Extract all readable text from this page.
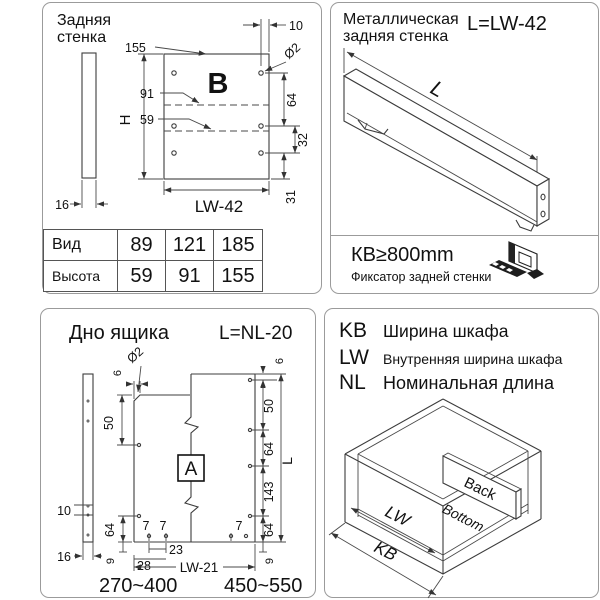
Задняя
стенка
16
B
155
10
Ø2
H
91
59
64
32
31
LW-42
Вид	89	121	185
Высота	59	91	155
Металлическая
задняя стенка
L=LW-42
L
КВ≥800mm
Фиксатор задней стенки
Дно ящика	L=NL-20
10
16
A
6
Ø2
50
64
9
7 7
23
28 LW-21
7 64
9
6
50
64
143
L
270~400 450~550
KB Ширина шкафа
LW	Внутренняя ширина шкафа
NL Номинальная длина
Back
Bottom
LW
KB
